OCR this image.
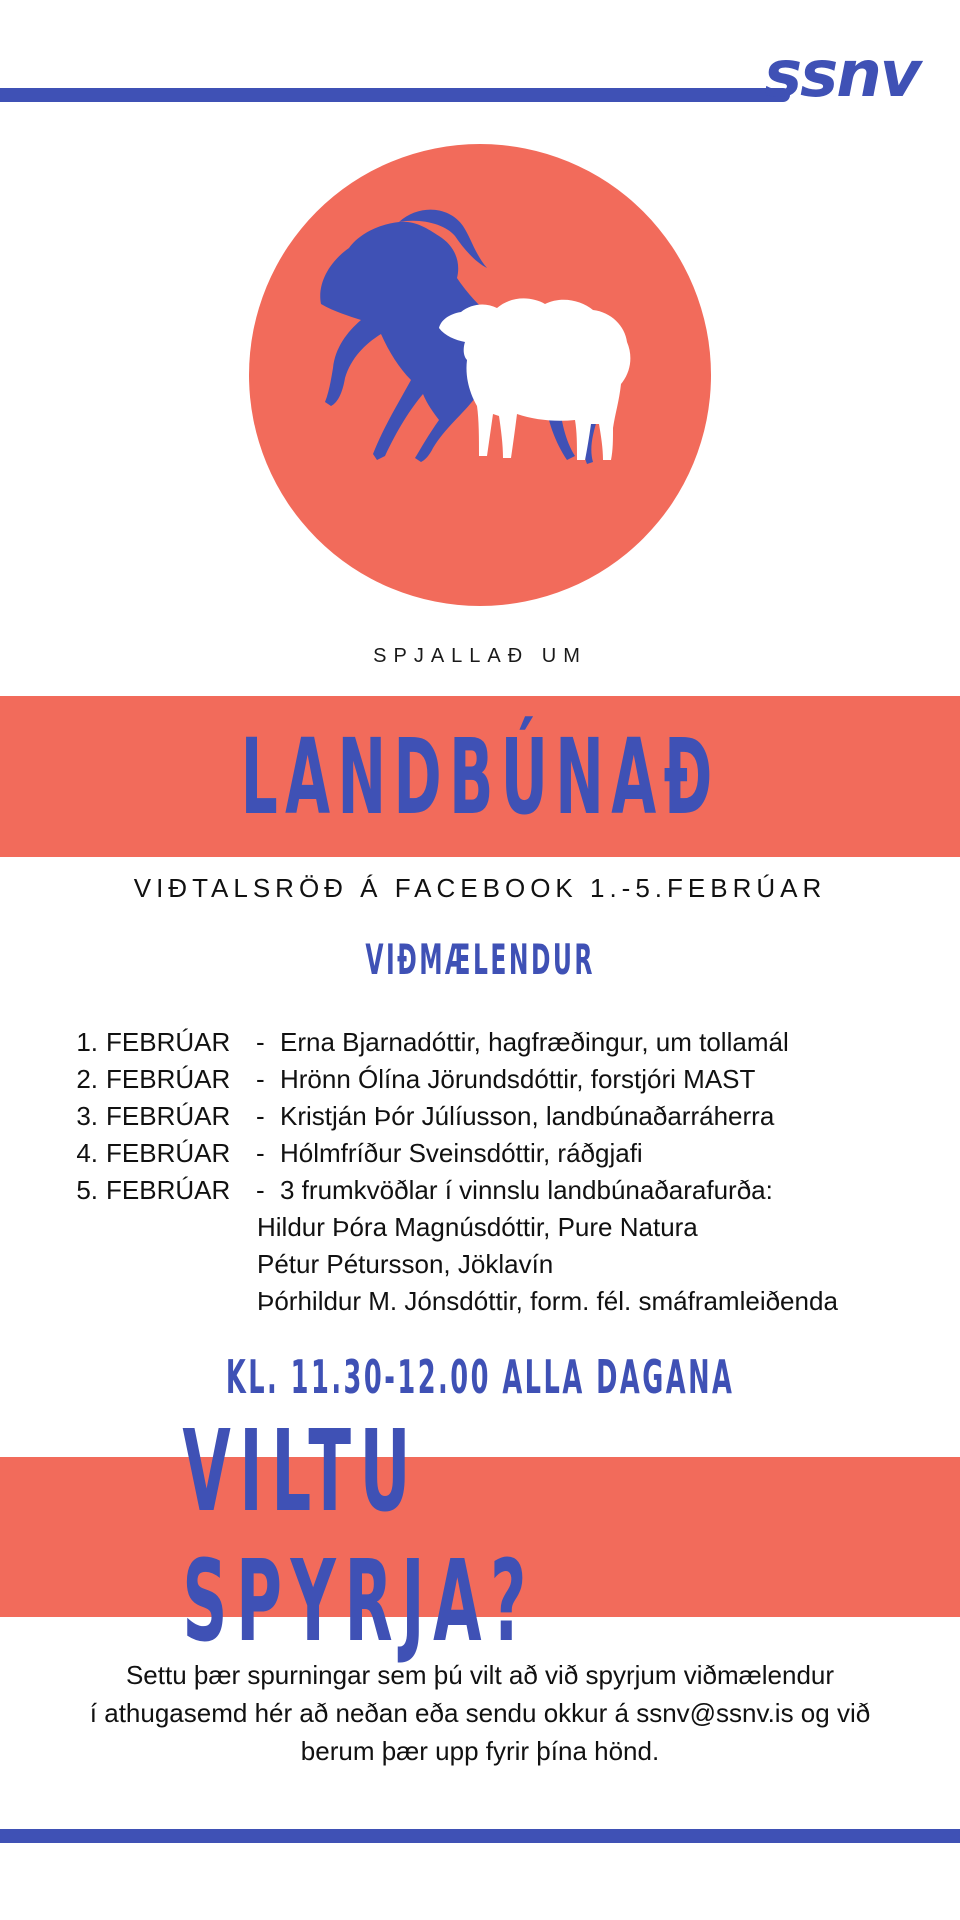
ssnv
SPJALLAÐ UM
LANDBÚNAÐ
VIÐTALSRÖÐ Á FACEBOOK 1.-5.FEBRÚAR
VIÐMÆLENDUR
1. FEBRÚAR - Erna Bjarnadóttir, hagfræðingur, um tollamál
2. FEBRÚAR - Hrönn Ólína Jörundsdóttir, forstjóri MAST
3. FEBRÚAR - Kristján Þór Júlíusson, landbúnaðarráherra
4. FEBRÚAR - Hólmfríður Sveinsdóttir, ráðgjafi
5. FEBRÚAR - 3 frumkvöðlar í vinnslu landbúnaðarafurða:
Hildur Þóra Magnúsdóttir, Pure Natura
Pétur Pétursson, Jöklavín
Þórhildur M. Jónsdóttir, form. fél. smáframleiðenda
KL. 11.30-12.00 ALLA DAGANA
VILTU SPYRJA?
Settu þær spurningar sem þú vilt að við spyrjum viðmælendur
í athugasemd hér að neðan eða sendu okkur á ssnv@ssnv.is og við
berum þær upp fyrir þína hönd.
